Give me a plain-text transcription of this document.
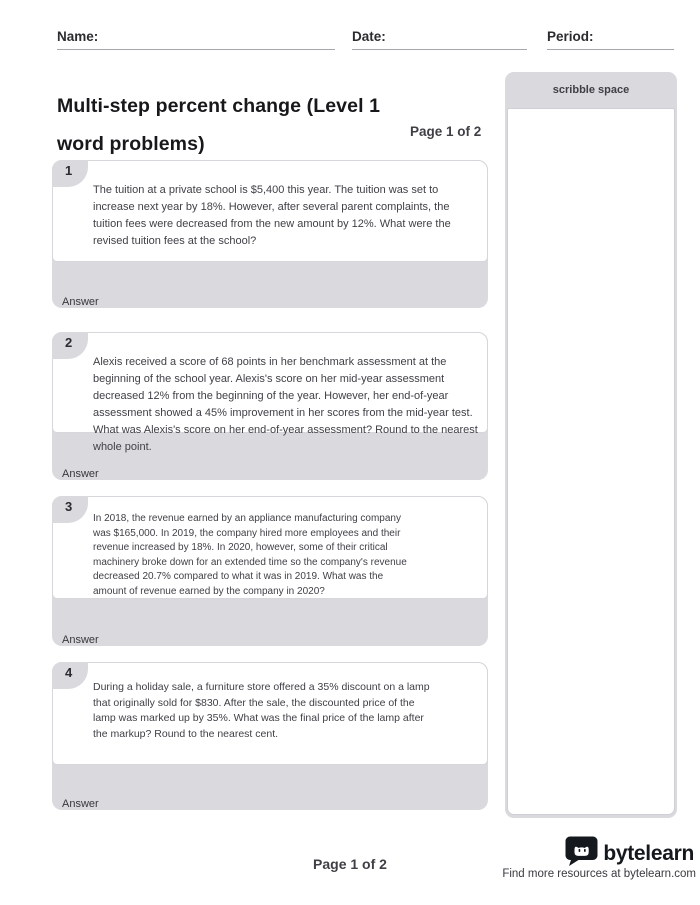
Name:	Date:	Period:
Multi-step percent change (Level 1 word problems)
Page 1 of 2
scribble space
1

The tuition at a private school is $5,400 this year. The tuition was set to increase next year by 18%. However, after several parent complaints, the tuition fees were decreased from the new amount by 12%. What were the revised tuition fees at the school?

Answer
2

Alexis received a score of 68 points in her benchmark assessment at the beginning of the school year. Alexis's score on her mid-year assessment decreased 12% from the beginning of the year. However, her end-of-year assessment showed a 45% improvement in her scores from the mid-year test. What was Alexis's score on her end-of-year assessment? Round to the nearest whole point.

Answer
3

In 2018, the revenue earned by an appliance manufacturing company was $165,000. In 2019, the company hired more employees and their revenue increased by 18%. In 2020, however, some of their critical machinery broke down for an extended time so the company's revenue decreased 20.7% compared to what it was in 2019. What was the amount of revenue earned by the company in 2020?

Answer
4

During a holiday sale, a furniture store offered a 35% discount on a lamp that originally sold for $830. After the sale, the discounted price of the lamp was marked up by 35%. What was the final price of the lamp after the markup? Round to the nearest cent.

Answer
Page 1 of 2	bytelearn
Find more resources at bytelearn.com
